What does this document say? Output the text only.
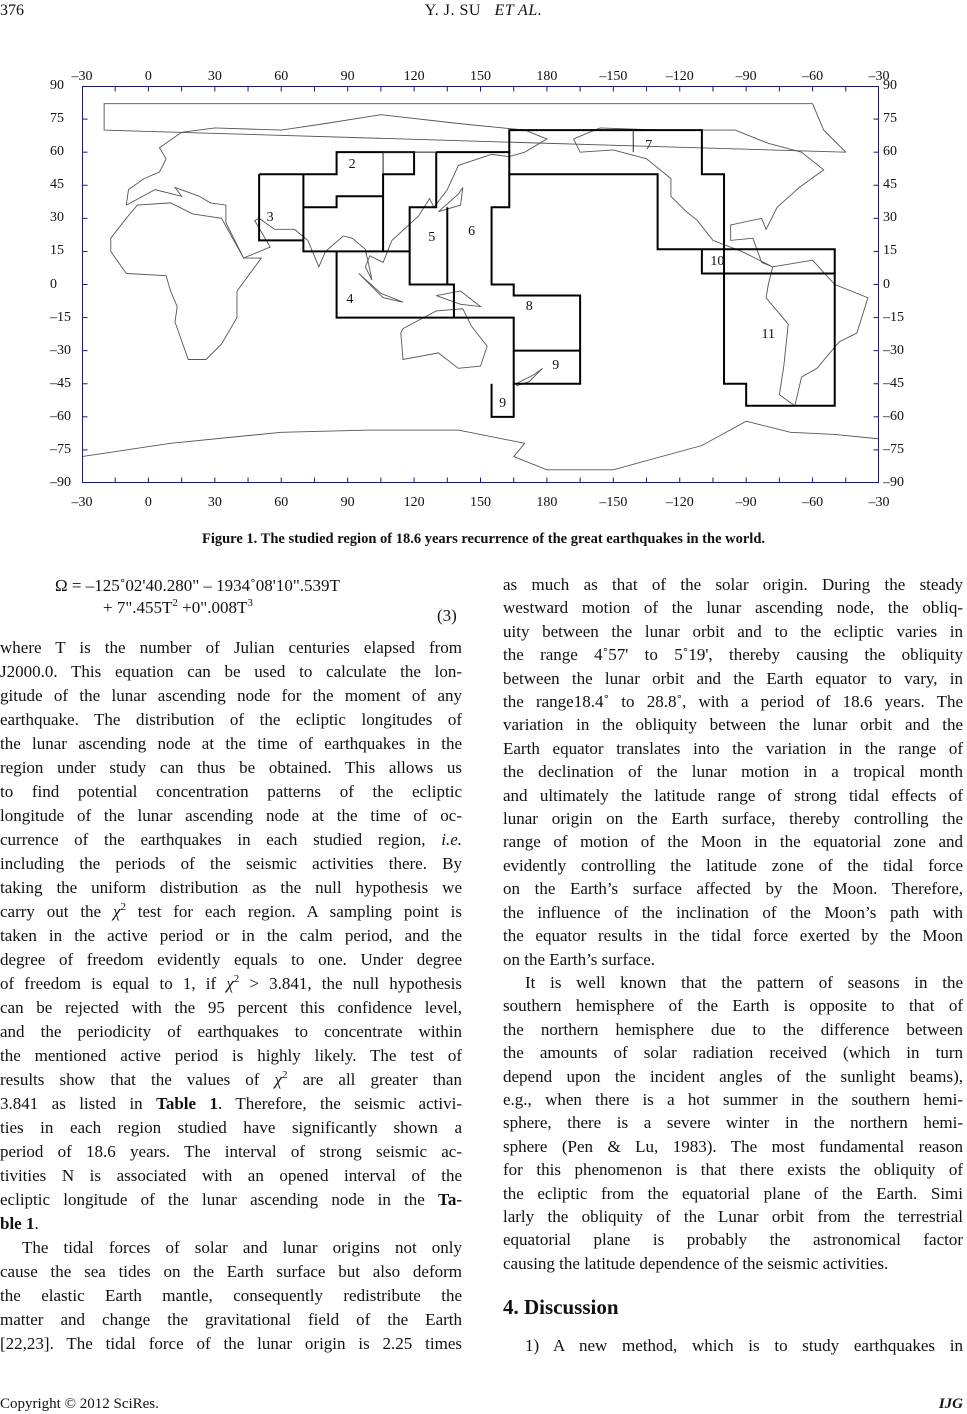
376	Y. J. SU ET AL.
Figure 1. The studied region of 18.6 years recurrence of the great earthquakes in the world.
Ω = –125˚02'40.280" – 1934˚08'10".539T
+ $7".455T^2$ $+0".008T^3$
(3)
where T is the number of Julian centuries elapsed from
J2000.0. This equation can be used to calculate the lon-
gitude of the lunar ascending node for the moment of any
earthquake. The distribution of the ecliptic longitudes of
the lunar ascending node at the time of earthquakes in the
region under study can thus be obtained. This allows us
to find potential concentration patterns of the ecliptic
longitude of the lunar ascending node at the time of oc-
currence of the earthquakes in each studied region, i.e.
including the periods of the seismic activities there. By
taking the uniform distribution as the null hypothesis we
carry out the $\chi^2$ test for each region. A sampling point is
taken in the active period or in the calm period, and the
degree of freedom evidently equals to one. Under degree
of freedom is equal to 1, if $\chi^2 > 3.841$, the null hypothesis
can be rejected with the 95 percent this confidence level,
and the periodicity of earthquakes to concentrate within
the mentioned active period is highly likely. The test of
results show that the values of $\chi^2$ are all greater than
3.841 as listed in Table 1. Therefore, the seismic activi-
ties in each region studied have significantly shown a
period of 18.6 years. The interval of strong seismic ac-
tivities N is associated with an opened interval of the
ecliptic longitude of the lunar ascending node in the Ta-
ble 1.
The tidal forces of solar and lunar origins not only
cause the sea tides on the Earth surface but also deform
the elastic Earth mantle, consequently redistribute the
matter and change the gravitational field of the Earth
[22,23]. The tidal force of the lunar origin is 2.25 times
as much as that of the solar origin. During the steady
westward motion of the lunar ascending node, the obliq-
uity between the lunar orbit and to the ecliptic varies in
the range 4˚57' to 5˚19', thereby causing the obliquity
between the lunar orbit and the Earth equator to vary, in
the range18.4˚ to 28.8˚, with a period of 18.6 years. The
variation in the obliquity between the lunar orbit and the
Earth equator translates into the variation in the range of
the declination of the lunar motion in a tropical month
and ultimately the latitude range of strong tidal effects of
lunar origin on the Earth surface, thereby controlling the
range of motion of the Moon in the equatorial zone and
evidently controlling the latitude zone of the tidal force
on the Earth’s surface affected by the Moon. Therefore,
the influence of the inclination of the Moon’s path with
the equator results in the tidal force exerted by the Moon
on the Earth’s surface.
It is well known that the pattern of seasons in the
southern hemisphere of the Earth is opposite to that of
the northern hemisphere due to the difference between
the amounts of solar radiation received (which in turn
depend upon the incident angles of the sunlight beams),
e.g., when there is a hot summer in the southern hemi-
sphere, there is a severe winter in the northern hemi-
sphere (Pen & Lu, 1983). The most fundamental reason
for this phenomenon is that there exists the obliquity of
the ecliptic from the equatorial plane of the Earth. Simi
larly the obliquity of the Lunar orbit from the terrestrial
equatorial plane is probably the astronomical factor
causing the latitude dependence of the seismic activities.
4. Discussion
1) A new method, which is to study earthquakes in
Copyright © 2012 SciRes.	IJG
–30
–30
0
0
30
30
60
60
90
90
120
120
150
150
180
180
–150
–150
–120
–120
–90
–90
–60
–60
–30
–30
90	90
75	75
60	60
45	45
30	30
15	15
0	0
–15	–15
–30	–30
–45	–45
–60	–60
–75	–75
–90	–90
2
3
4
5	6
7
8
9
9
10
11
